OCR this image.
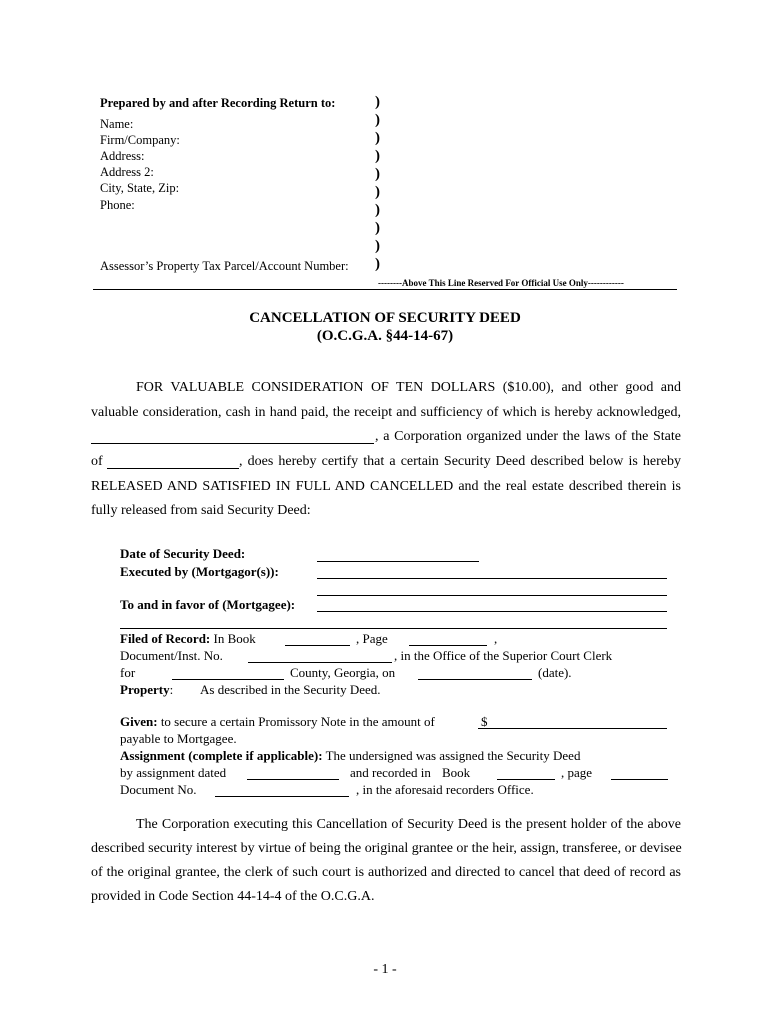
Prepared by and after Recording Return to:
Name:
Firm/Company:
Address:
Address 2:
City, State, Zip:
Phone:
Assessor’s Property Tax Parcel/Account Number:
)
)
)
)
)
)
)
)
)
)
--------Above This Line Reserved For Official Use Only------------
CANCELLATION OF SECURITY DEED
(O.C.G.A. §44-14-67)
FOR VALUABLE CONSIDERATION OF TEN DOLLARS ($10.00), and other good and
valuable consideration, cash in hand paid, the receipt and sufficiency of which is hereby acknowledged,
, a Corporation organized under the laws of the State
of	, does hereby certify that a certain Security Deed described below is hereby
RELEASED AND SATISFIED IN FULL AND CANCELLED and the real estate described therein is
fully released from said Security Deed:
Date of Security Deed:
Executed by (Mortgagor(s)):
To and in favor of (Mortgagee):
Filed of Record: In Book	, Page	,
Document/Inst. No.	, in the Office of the Superior Court Clerk
for	County, Georgia, on	(date).
Property: As described in the Security Deed.
Given: to secure a certain Promissory Note in the amount of	$
payable to Mortgagee.
Assignment (complete if applicable): The undersigned was assigned the Security Deed
by assignment dated	and recorded in Book	, page
Document No.	, in the aforesaid recorders Office.
The Corporation executing this Cancellation of Security Deed is the present holder of the above
described security interest by virtue of being the original grantee or the heir, assign, transferee, or devisee
of the original grantee, the clerk of such court is authorized and directed to cancel that deed of record as
provided in Code Section 44-14-4 of the O.C.G.A.
- 1 -
